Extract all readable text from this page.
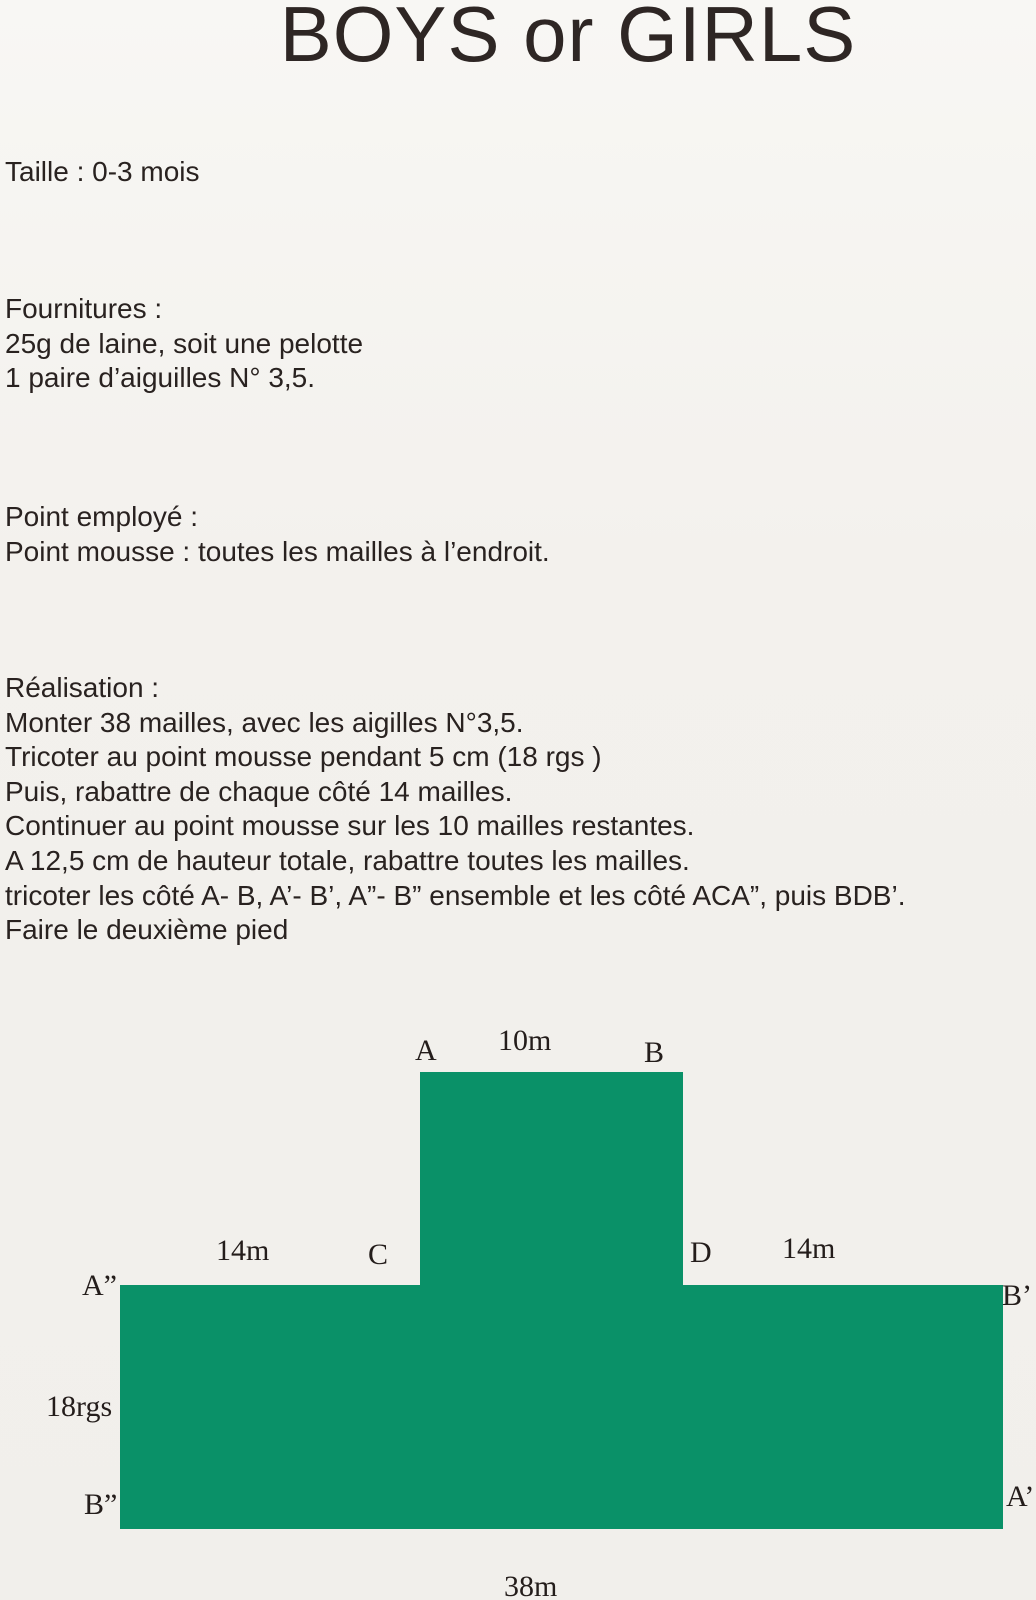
BOYS or GIRLS
Taille : 0-3 mois
Fournitures :
25g de laine, soit une pelotte
1 paire d’aiguilles N° 3,5.
Point employé :
Point mousse : toutes les mailles à l’endroit.
Réalisation :
Monter 38 mailles, avec les aigilles N°3,5.
Tricoter au point mousse pendant 5 cm (18 rgs )
Puis, rabattre de chaque côté 14 mailles.
Continuer au point mousse sur les 10 mailles restantes.
A 12,5 cm de hauteur totale, rabattre toutes les mailles.
tricoter les côté A- B, A’- B’, A”- B” ensemble et les côté ACA”, puis BDB’.
Faire le deuxième pied
A 10m	B
14m	C	D 14m
A”	B’
18rgs
B”	A’
38m
